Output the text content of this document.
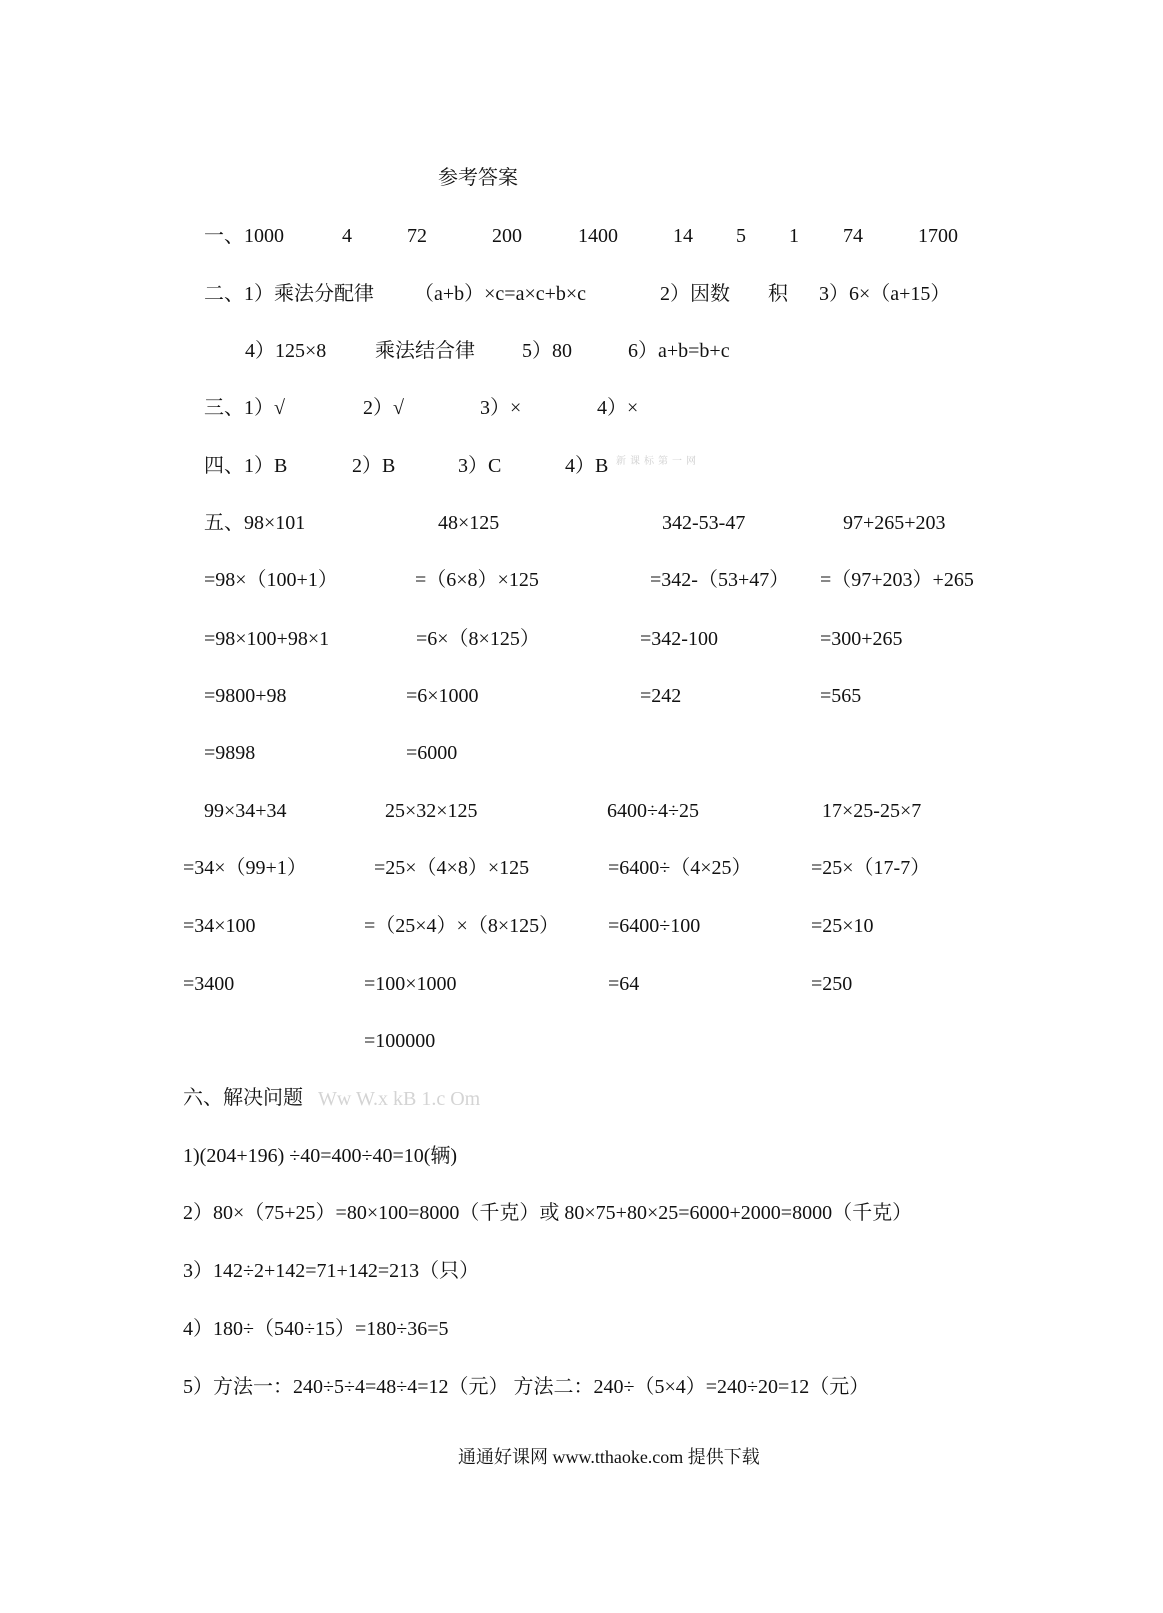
参考答案
一、1000	4	72	200	1400	14 5 1 74	1700
二、1）乘法分配律 （a+b）×c=a×c+b×c	2）因数 积 3）6×（a+15）
4）125×8 乘法结合律 5）80	6）a+b=b+c
三、1）√	2）√	3）×	4）×
四、1）B	2）B	3）C	4）B 新课标第一网
五、98×101	48×125	342-53-47	97+265+203
=98×（100+1）	=（6×8）×125	=342-（53+47） =（97+203）+265
=98×100+98×1	=6×（8×125）	=342-100	=300+265
=9800+98	=6×1000	=242	=565
=9898	=6000
99×34+34	25×32×125	6400÷4÷25	17×25-25×7
=34×（99+1）	=25×（4×8）×125	=6400÷（4×25）	=25×（17-7）
=34×100	=（25×4）×（8×125） =6400÷100	=25×10
=3400	=100×1000	=64	=250
=100000
六、解决问题 Ww W.x kB 1.c Om
1)(204+196) ÷40=400÷40=10(辆)
2）80×（75+25）=80×100=8000（千克）或 80×75+80×25=6000+2000=8000（千克）
3）142÷2+142=71+142=213（只）
4）180÷（540÷15）=180÷36=5
5）方法一：240÷5÷4=48÷4=12（元） 方法二：240÷（5×4）=240÷20=12（元）
通通好课网 www.tthaoke.com 提供下载
